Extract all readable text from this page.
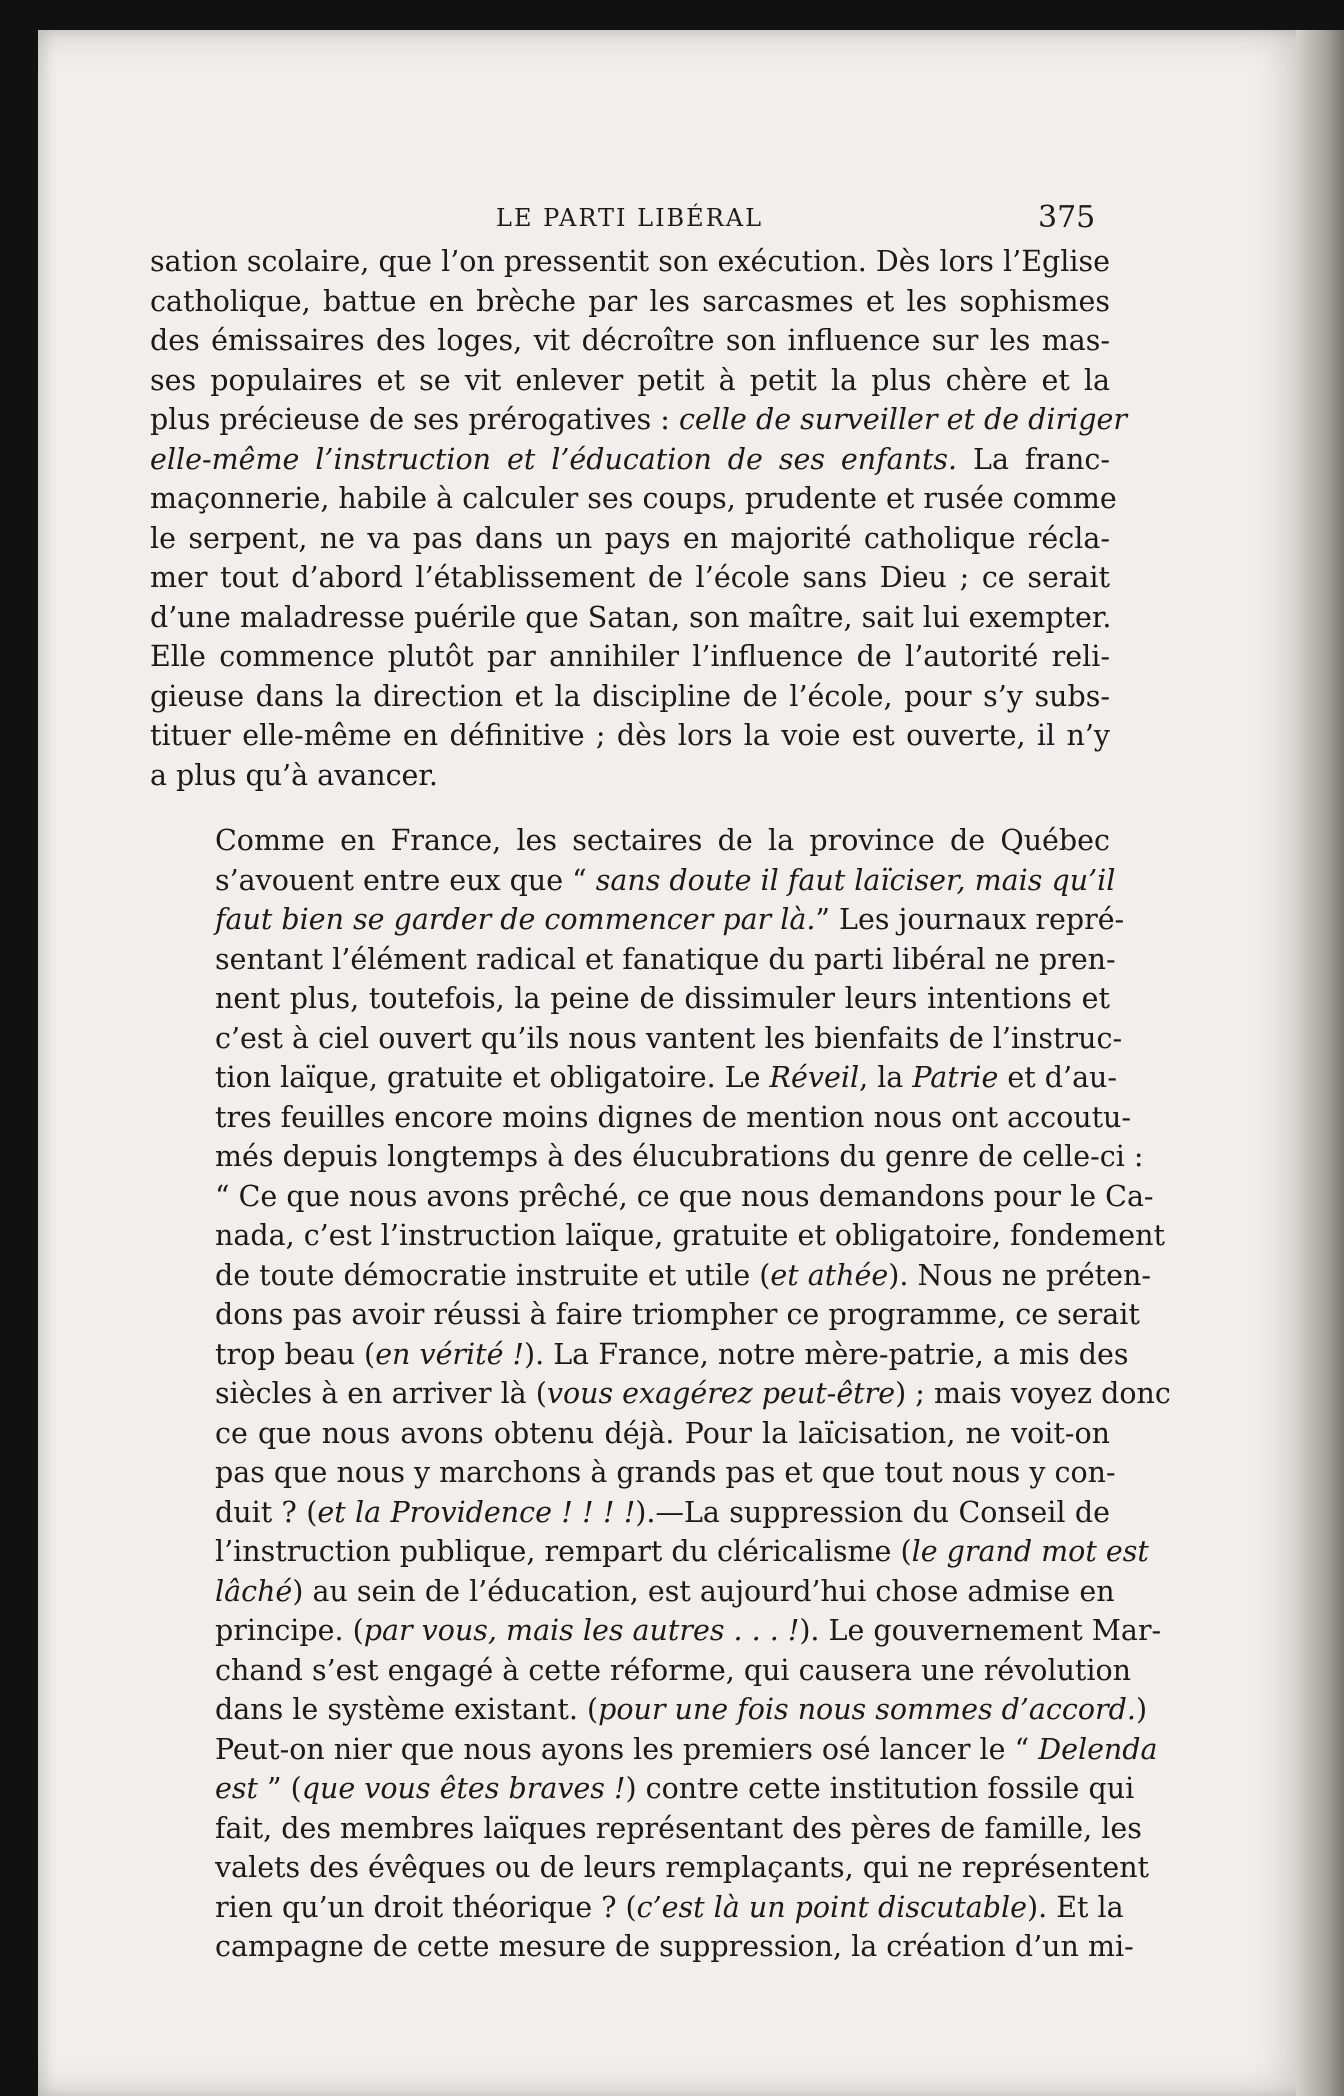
LE PARTI LIBÉRAL	375

sation scolaire, que l’on pressentit son exécution. Dès lors l’Eglise
catholique, battue en brèche par les sarcasmes et les sophismes
des émissaires des loges, vit décroître son influence sur les mas-
ses populaires et se vit enlever petit à petit la plus chère et la
plus précieuse de ses prérogatives : celle de surveiller et de diriger
elle-même l’instruction et l’éducation de ses enfants. La franc-
maçonnerie, habile à calculer ses coups, prudente et rusée comme
le serpent, ne va pas dans un pays en majorité catholique récla-
mer tout d’abord l’établissement de l’école sans Dieu ; ce serait
d’une maladresse puérile que Satan, son maître, sait lui exempter.
Elle commence plutôt par annihiler l’influence de l’autorité reli-
gieuse dans la direction et la discipline de l’école, pour s’y subs-
tituer elle-même en définitive ; dès lors la voie est ouverte, il n’y
a plus qu’à avancer.

Comme en France, les sectaires de la province de Québec
s’avouent entre eux que “ sans doute il faut laïciser, mais qu’il
faut bien se garder de commencer par là.” Les journaux repré-
sentant l’élément radical et fanatique du parti libéral ne pren-
nent plus, toutefois, la peine de dissimuler leurs intentions et
c’est à ciel ouvert qu’ils nous vantent les bienfaits de l’instruc-
tion laïque, gratuite et obligatoire. Le Réveil, la Patrie et d’au-
tres feuilles encore moins dignes de mention nous ont accoutu-
més depuis longtemps à des élucubrations du genre de celle-ci :
“ Ce que nous avons prêché, ce que nous demandons pour le Ca-
nada, c’est l’instruction laïque, gratuite et obligatoire, fondement
de toute démocratie instruite et utile (et athée). Nous ne préten-
dons pas avoir réussi à faire triompher ce programme, ce serait
trop beau (en vérité !). La France, notre mère-patrie, a mis des
siècles à en arriver là (vous exagérez peut-être) ; mais voyez donc
ce que nous avons obtenu déjà. Pour la laïcisation, ne voit-on
pas que nous y marchons à grands pas et que tout nous y con-
duit ? (et la Providence ! ! ! !).—La suppression du Conseil de
l’instruction publique, rempart du cléricalisme (le grand mot est
lâché) au sein de l’éducation, est aujourd’hui chose admise en
principe. (par vous, mais les autres . . . !). Le gouvernement Mar-
chand s’est engagé à cette réforme, qui causera une révolution
dans le système existant. (pour une fois nous sommes d’accord.)
Peut-on nier que nous ayons les premiers osé lancer le “ Delenda
est ” (que vous êtes braves !) contre cette institution fossile qui
fait, des membres laïques représentant des pères de famille, les
valets des évêques ou de leurs remplaçants, qui ne représentent
rien qu’un droit théorique ? (c’est là un point discutable). Et la
campagne de cette mesure de suppression, la création d’un mi-
